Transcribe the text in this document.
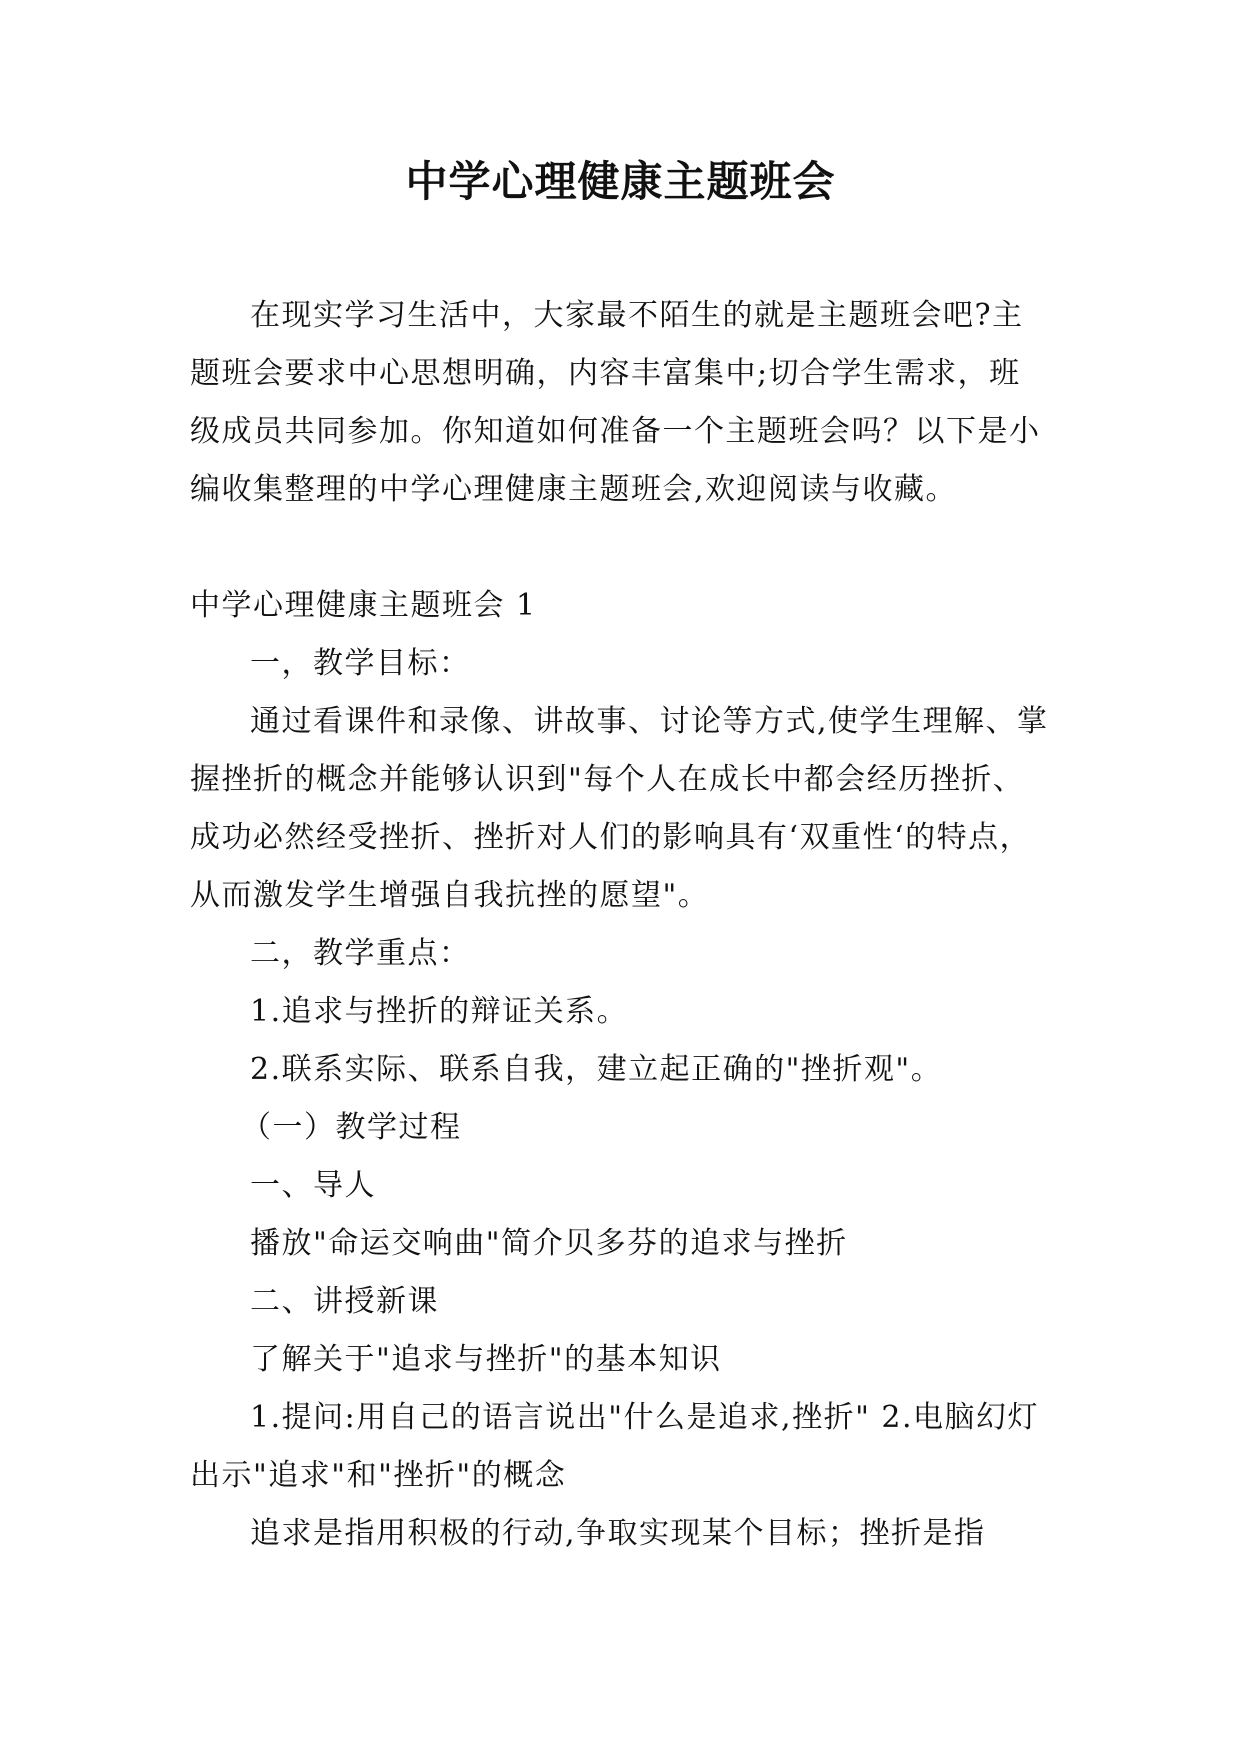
中学心理健康主题班会

在现实学习生活中，大家最不陌生的就是主题班会吧?主题班会要求中心思想明确，内容丰富集中;切合学生需求，班级成员共同参加。你知道如何准备一个主题班会吗？以下是小编收集整理的中学心理健康主题班会,欢迎阅读与收藏。

中学心理健康主题班会 1

一，教学目标：

通过看课件和录像、讲故事、讨论等方式,使学生理解、掌握挫折的概念并能够认识到"每个人在成长中都会经历挫折、成功必然经受挫折、挫折对人们的影响具有‘双重性‘的特点，从而激发学生增强自我抗挫的愿望"。

二，教学重点：

1.追求与挫折的辩证关系。

2.联系实际、联系自我，建立起正确的"挫折观"。

（一）教学过程

一、导人

播放"命运交响曲"简介贝多芬的追求与挫折

二、讲授新课

了解关于"追求与挫折"的基本知识

1.提问:用自己的语言说出"什么是追求,挫折" 2.电脑幻灯出示"追求"和"挫折"的概念

追求是指用积极的行动,争取实现某个目标；挫折是指
